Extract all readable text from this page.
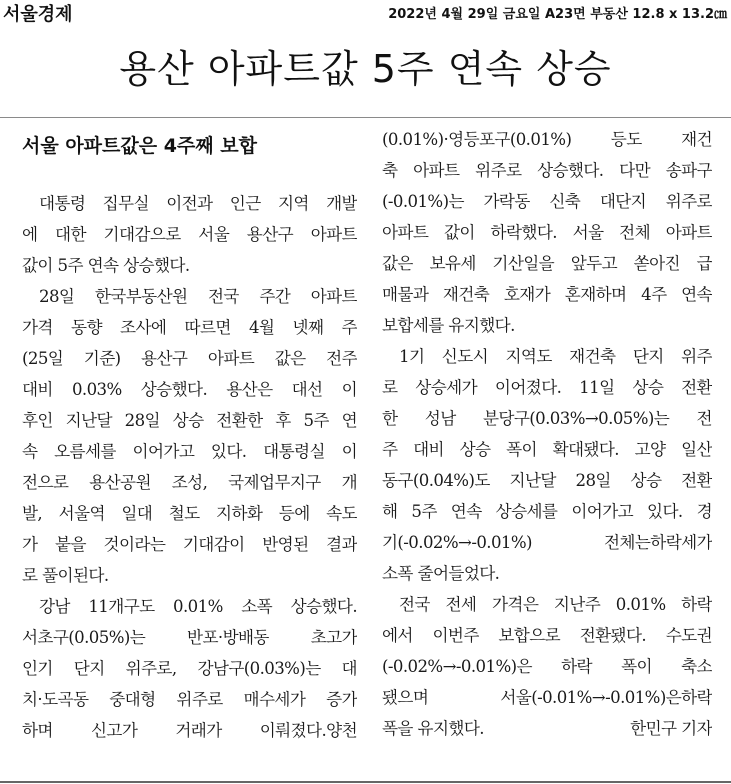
서울경제	2022년 4월 29일 금요일 A23면 부동산 12.8 x 13.2㎝
용산 아파트값 5주 연속 상승
서울 아파트값은 4주째 보합
대통령 집무실 이전과 인근 지역 개발
에 대한 기대감으로 서울 용산구 아파트
값이 5주 연속 상승했다.
28일 한국부동산원 전국 주간 아파트
가격 동향 조사에 따르면 4월 넷째 주
(25일 기준) 용산구 아파트 값은 전주
대비 0.03% 상승했다. 용산은 대선 이
후인 지난달 28일 상승 전환한 후 5주 연
속 오름세를 이어가고 있다. 대통령실 이
전으로 용산공원 조성, 국제업무지구 개
발, 서울역 일대 철도 지하화 등에 속도
가 붙을 것이라는 기대감이 반영된 결과
로 풀이된다.
강남 11개구도 0.01% 소폭 상승했다.
서초구(0.05%)는 반포·방배동 초고가
인기 단지 위주로, 강남구(0.03%)는 대
치·도곡동 중대형 위주로 매수세가 증가
하며 신고가 거래가 이뤄졌다.양천
(0.01%)·영등포구(0.01%) 등도 재건
축 아파트 위주로 상승했다. 다만 송파구
(-0.01%)는 가락동 신축 대단지 위주로
아파트 값이 하락했다. 서울 전체 아파트
값은 보유세 기산일을 앞두고 쏟아진 급
매물과 재건축 호재가 혼재하며 4주 연속
보합세를 유지했다.
1기 신도시 지역도 재건축 단지 위주
로 상승세가 이어졌다. 11일 상승 전환
한 성남 분당구(0.03%→0.05%)는 전
주 대비 상승 폭이 확대됐다. 고양 일산
동구(0.04%)도 지난달 28일 상승 전환
해 5주 연속 상승세를 이어가고 있다. 경
기(-0.02%→-0.01%) 전체는하락세가
소폭 줄어들었다.
전국 전세 가격은 지난주 0.01% 하락
에서 이번주 보합으로 전환됐다. 수도권
(-0.02%→-0.01%)은 하락 폭이 축소
됐으며 서울(-0.01%→-0.01%)은하락
폭을 유지했다.	한민구 기자
